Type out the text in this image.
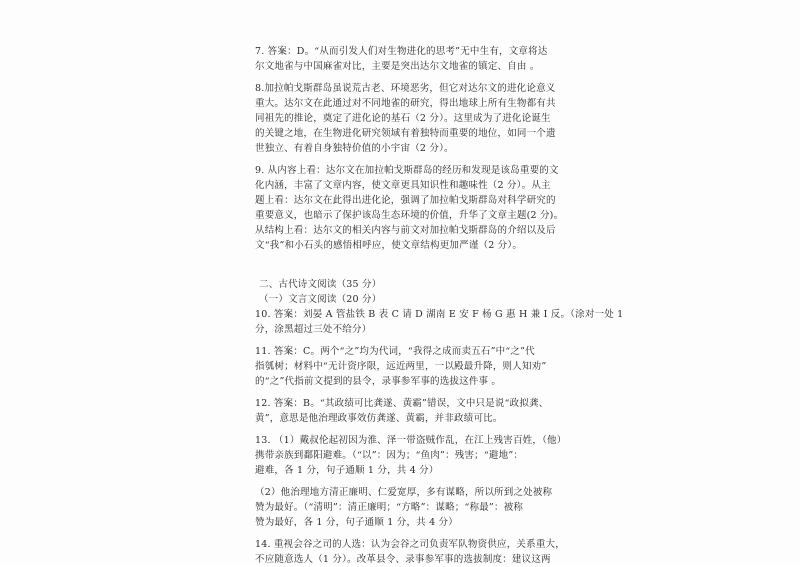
7. 答案：D。“从而引发人们对生物进化的思考”无中生有，文章将达
尔文地雀与中国麻雀对比，主要是突出达尔文地雀的镇定、自由 。
8.加拉帕戈斯群岛虽说荒古老、环境恶劣，但它对达尔文的进化论意义
重大。达尔文在此通过对不同地雀的研究，得出地球上所有生物都有共
同祖先的推论，奠定了进化论的基石（2 分）。这里成为了进化论诞生
的关键之地，在生物进化研究领域有着独特而重要的地位，如同一个遗
世独立、有着自身独特价值的小宇宙（2 分）。
9. 从内容上看：达尔文在加拉帕戈斯群岛的经历和发现是该岛重要的文
化内涵，丰富了文章内容，使文章更具知识性和趣味性（2 分）。从主
题上看：达尔文在此得出进化论，强调了加拉帕戈斯群岛对科学研究的
重要意义，也暗示了保护该岛生态环境的价值，升华了文章主题(2 分)。
从结构上看：达尔文的相关内容与前文对加拉帕戈斯群岛的介绍以及后
文“我”和小石头的感悟相呼应，使文章结构更加严谨（2 分）。
二、古代诗文阅读（35 分）
（一）文言文阅读（20 分）
10. 答案：刘晏 A 管盐铁 B 表 C 请 D 湖南 E 安 F 杨 G 惠 H 兼 I 反。（涂对一处 1
分，涂黑超过三处不给分）
11. 答案：C。两个“之”均为代词，“我得之成而卖五石”中“之”代
指瓠树；材料中“无计资序限，远近两里，一以殿最升降，则人知劝”
的“之”代指前文提到的县令，录事参军事的选拔这件事 。
12. 答案：B。“其政绩可比龚遂、黄霸”错误，文中只是说“政拟龚、
黄”，意思是他治理政事效仿龚遂、黄霸，并非政绩可比。
13. （1）戴叔伦起初因为淮、泽一带盗贼作乱，在江上残害百姓，（他）
携带亲族到鄱阳避难。（“以”：因为；“鱼肉”：残害；“避地”：
避难，各 1 分，句子通顺 1 分，共 4 分）
（2）他治理地方清正廉明、仁爱宽厚，多有谋略，所以所到之处被称
赞为最好。（“清明”：清正廉明；“方略”：谋略；“称最”：被称
赞为最好，各 1 分，句子通顺 1 分，共 4 分）
14. 重视会谷之司的人选：认为会谷之司负责军队物资供应，关系重大，
不应随意选人（1 分）。改革县令、录事参军事的选拔制度：建议这两
